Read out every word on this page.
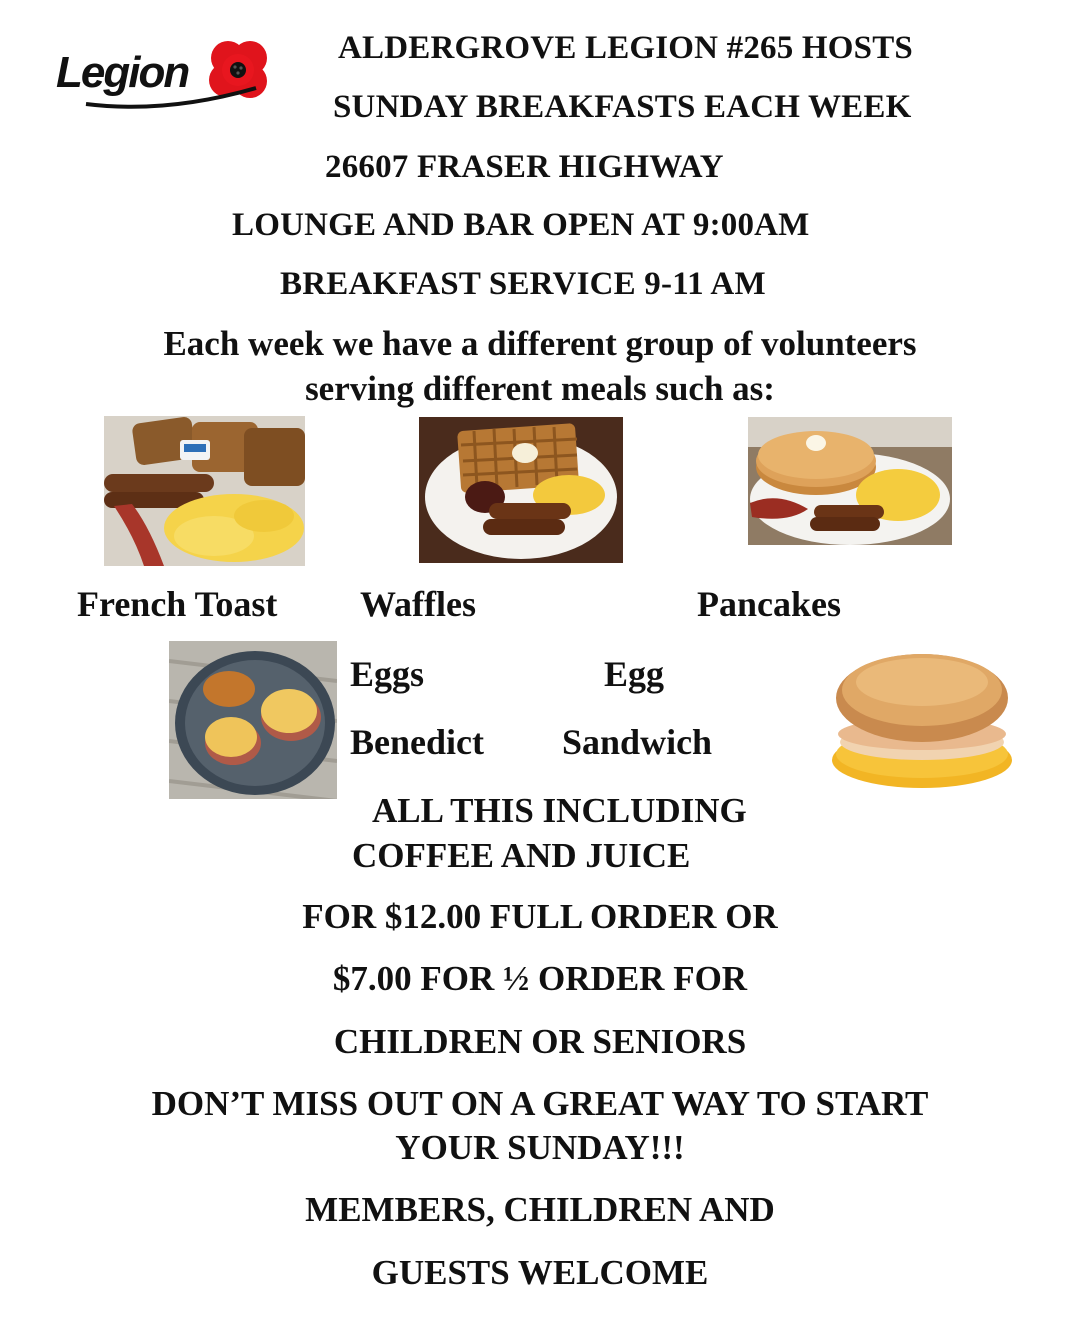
Legion	ALDERGROVE LEGION #265 HOSTS
SUNDAY BREAKFASTS EACH WEEK
26607 FRASER HIGHWAY
LOUNGE AND BAR OPEN AT 9:00AM
BREAKFAST SERVICE 9-11 AM
Each week we have a different group of volunteers
serving different meals such as:
French Toast Waffles	Pancakes
Eggs	Egg
Benedict Sandwich
ALL THIS INCLUDING
COFFEE AND JUICE
FOR $12.00 FULL ORDER OR
$7.00 FOR ½ ORDER FOR
CHILDREN OR SENIORS
DON’T MISS OUT ON A GREAT WAY TO START
YOUR SUNDAY!!!
MEMBERS, CHILDREN AND
GUESTS WELCOME
